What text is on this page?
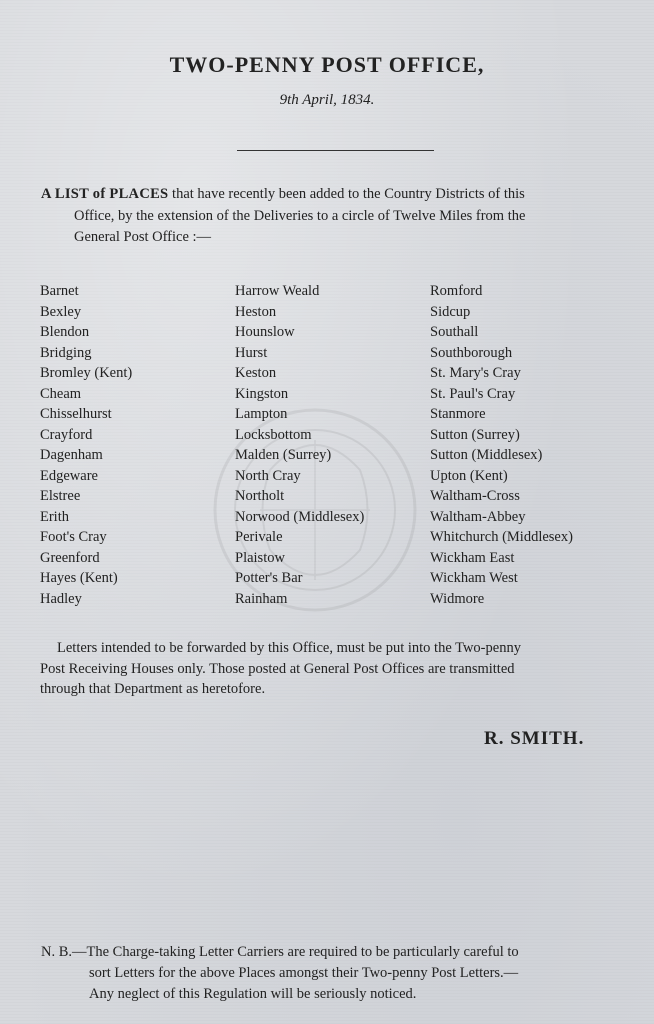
TWO-PENNY POST OFFICE,
9th April, 1834.
A LIST of PLACES that have recently been added to the Country Districts of this
Office, by the extension of the Deliveries to a circle of Twelve Miles from the
General Post Office :—
Barnet
Bexley
Blendon
Bridging
Bromley (Kent)
Cheam
Chisselhurst
Crayford
Dagenham
Edgeware
Elstree
Erith
Foot's Cray
Greenford
Hayes (Kent)
Hadley
Harrow Weald
Heston
Hounslow
Hurst
Keston
Kingston
Lampton
Locksbottom
Malden (Surrey)
North Cray
Northolt
Norwood (Middlesex)
Perivale
Plaistow
Potter's Bar
Rainham
Romford
Sidcup
Southall
Southborough
St. Mary's Cray
St. Paul's Cray
Stanmore
Sutton (Surrey)
Sutton (Middlesex)
Upton (Kent)
Waltham-Cross
Waltham-Abbey
Whitchurch (Middlesex)
Wickham East
Wickham West
Widmore
Letters intended to be forwarded by this Office, must be put into the Two-penny
Post Receiving Houses only. Those posted at General Post Offices are transmitted
through that Department as heretofore.
R. SMITH.
N. B.—The Charge-taking Letter Carriers are required to be particularly careful to
sort Letters for the above Places amongst their Two-penny Post Letters.—
Any neglect of this Regulation will be seriously noticed.
